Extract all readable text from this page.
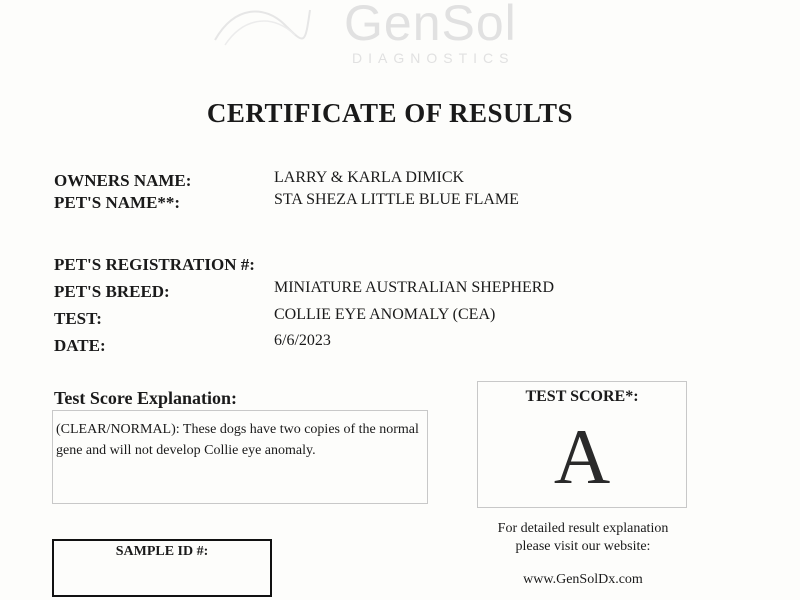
GenSol
DIAGNOSTICS
CERTIFICATE OF RESULTS
OWNERS NAME:	LARRY & KARLA DIMICK
PET'S NAME**:	STA SHEZA LITTLE BLUE FLAME
PET'S REGISTRATION #:
PET'S BREED:	MINIATURE AUSTRALIAN SHEPHERD
TEST:	COLLIE EYE ANOMALY (CEA)
DATE:	6/6/2023
Test Score Explanation:
(CLEAR/NORMAL): These dogs have two copies of the normal
gene and will not develop Collie eye anomaly.
TEST SCORE*:
A
For detailed result explanation
please visit our website:
www.GenSolDx.com
SAMPLE ID #:
